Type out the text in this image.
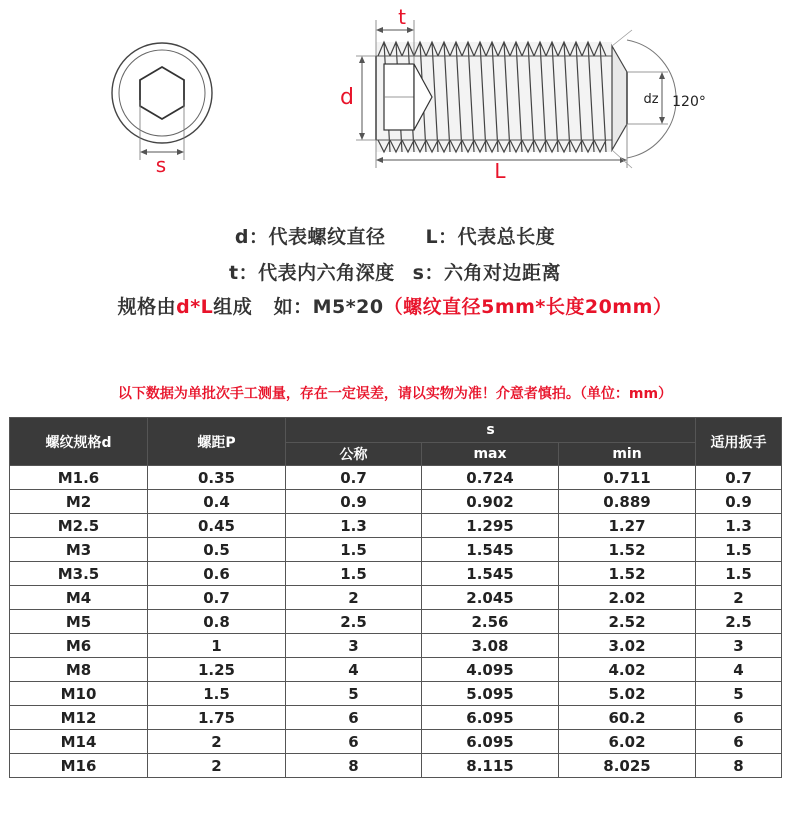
s
t
d
L
dz 120°
d：代表螺纹直径 L：代表总长度
t：代表内六角深度 s：六角对边距离
规格由d*L组成   如：M5*20（螺纹直径5mm*长度20mm）
以下数据为单批次手工测量，存在一定误差，请以实物为准！介意者慎拍。（单位：mm）
螺纹规格d	螺距P	s			适用扳手
		公称	max	min	
M1.6	0.35	0.7	0.724	0.711	0.7
M2	0.4	0.9	0.902	0.889	0.9
M2.5	0.45	1.3	1.295	1.27	1.3
M3	0.5	1.5	1.545	1.52	1.5
M3.5	0.6	1.5	1.545	1.52	1.5
M4	0.7	2	2.045	2.02	2
M5	0.8	2.5	2.56	2.52	2.5
M6	1	3	3.08	3.02	3
M8	1.25	4	4.095	4.02	4
M10	1.5	5	5.095	5.02	5
M12	1.75	6	6.095	60.2	6
M14	2	6	6.095	6.02	6
M16	2	8	8.115	8.025	8
